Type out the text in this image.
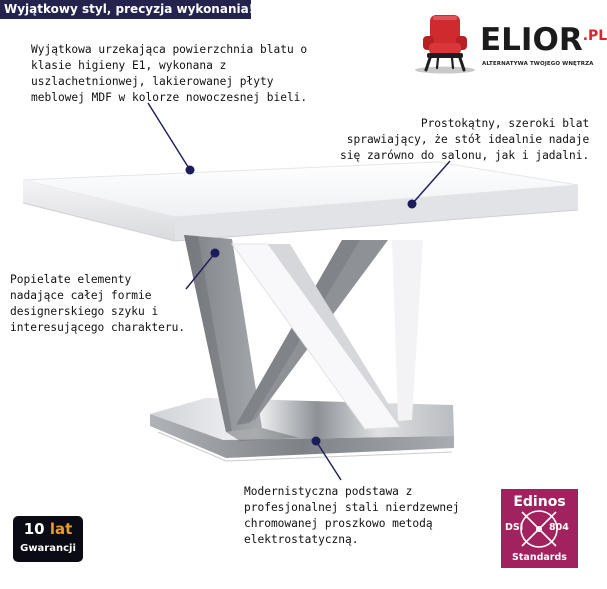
Wyjątkowy styl, precyzja wykonania!
$ELIOR^{.PL}$
ALTERNATYWA TWOJEGO WNĘTRZA
Wyjątkowa urzekająca powierzchnia blatu o
klasie higieny E1, wykonana z
uszlachetnionwej, lakierowanej płyty
meblowej MDF w kolorze nowoczesnej bieli.
Prostokątny, szeroki blat
sprawiający, że stół idealnie nadaje
się zarówno do salonu, jak i jadalni.
Popielate elementy
nadające całej formie
designerskiego szyku i
interesującego charakteru.
Modernistyczna podstawa z
profesjonalnej stali nierdzewnej
chromowanej proszkowo metodą
elektrostatyczną.
10 lat
Gwarancji
Edinos
DSI	804
Standards
